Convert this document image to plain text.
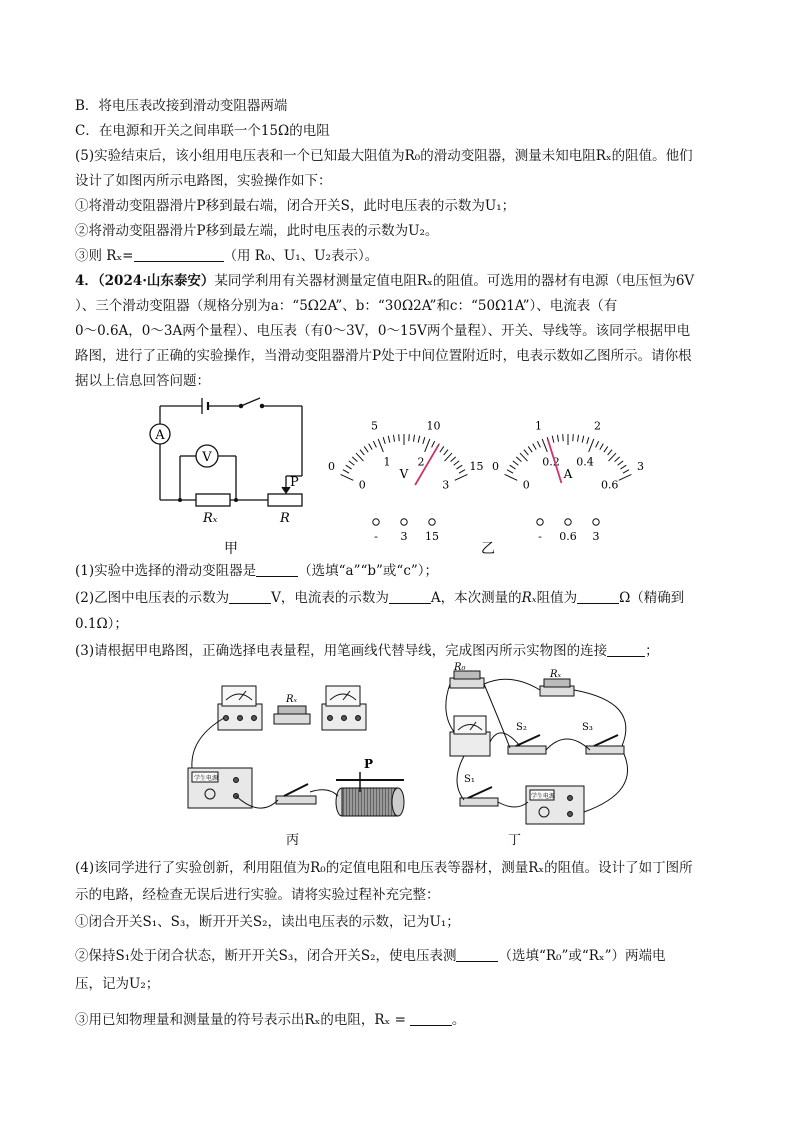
B．将电压表改接到滑动变阻器两端
C．在电源和开关之间串联一个15Ω的电阻
(5)实验结束后，该小组用电压表和一个已知最大阻值为R₀的滑动变阻器，测量未知电阻Rₓ的阻值。他们
设计了如图丙所示电路图，实验操作如下：
①将滑动变阻器滑片P移到最右端，闭合开关S，此时电压表的示数为U₁；
②将滑动变阻器滑片P移到最左端，此时电压表的示数为U₂。
③则 Rₓ=	（用 R₀、U₁、U₂表示）。
4．（2024·山东泰安）某同学利用有关器材测量定值电阻Rₓ的阻值。可选用的器材有电源（电压恒为6V
）、三个滑动变阻器（规格分别为a：“5Ω2A”、b：“30Ω2A”和c：“50Ω1A”）、电流表（有
0～0.6A，0～3A两个量程）、电压表（有0～3V，0～15V两个量程）、开关、导线等。该同学根据甲电
路图，进行了正确的实验操作，当滑动变阻器滑片P处于中间位置附近时，电表示数如乙图所示。请你根
据以上信息回答问题：
A
V
P
Rₓ	R
甲
0
5	10
15
0
1 2
3
V
- 3 15
0
1	2
3
0
0.2 0.4
0.6
A
- 0.6 3
乙
(1)实验中选择的滑动变阻器是	（选填“a”“b”或“c”）；
(2)乙图中电压表的示数为	V，电流表的示数为	A，本次测量的Rₓ阻值为	Ω（精确到
0.1Ω）；
(3)请根据甲电路图，正确选择电表量程，用笔画线代替导线，完成图丙所示实物图的连接	；
Rₓ
P
学生电源
丙
R₀
Rₓ
S₂	S₃
S₁
学生电源
丁
(4)该同学进行了实验创新，利用阻值为R₀的定值电阻和电压表等器材，测量Rₓ的阻值。设计了如丁图所
示的电路，经检查无误后进行实验。请将实验过程补充完整：
①闭合开关S₁、S₃，断开开关S₂，读出电压表的示数，记为U₁；
②保持S₁处于闭合状态，断开开关S₃，闭合开关S₂，使电压表测	（选填“R₀”或“Rₓ”）两端电
压，记为U₂；
③用已知物理量和测量量的符号表示出Rₓ的电阻，Rₓ =	。
